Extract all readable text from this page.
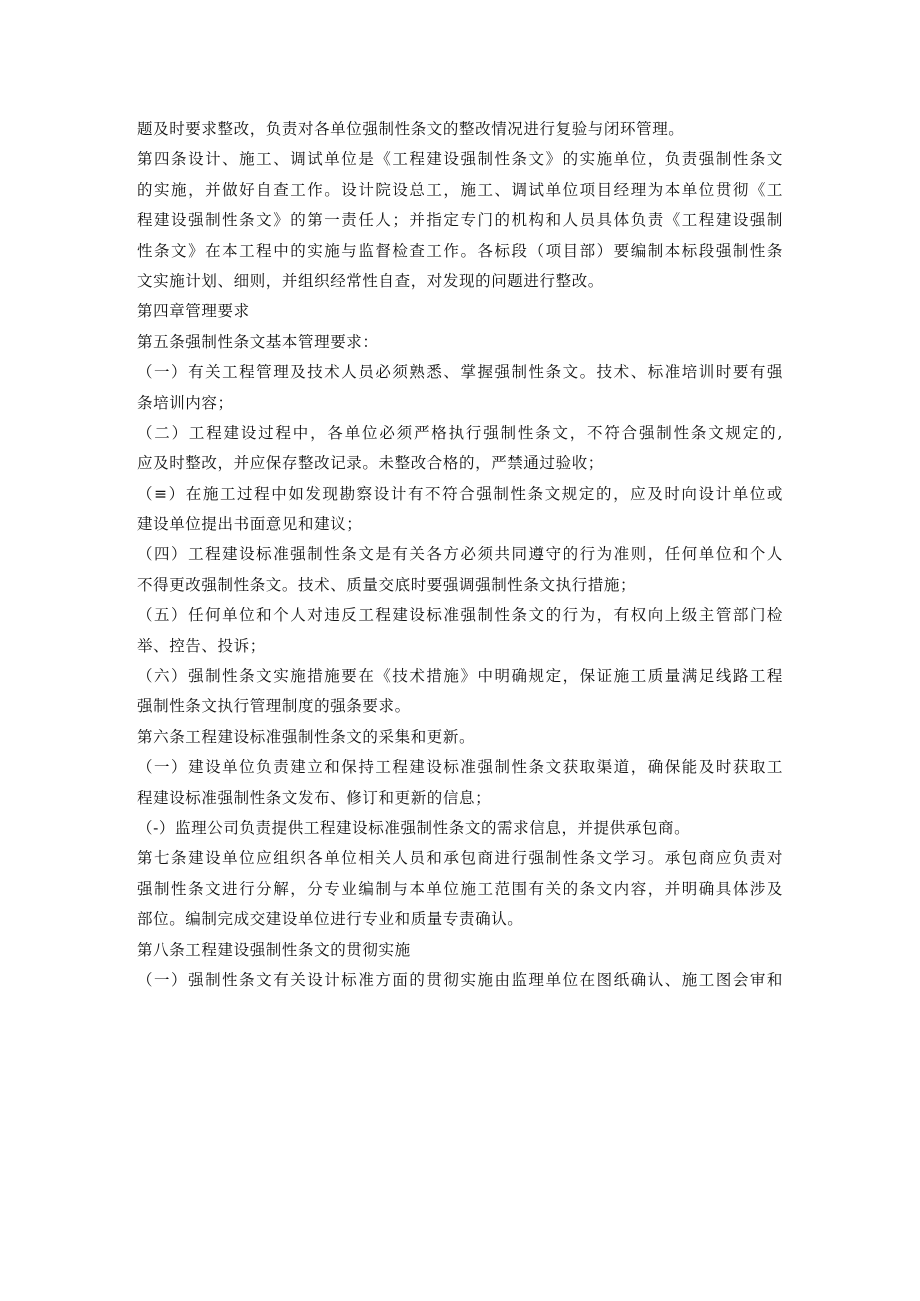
题及时要求整改，负责对各单位强制性条文的整改情况进行复验与闭环管理。
第四条设计、施工、调试单位是《工程建设强制性条文》的实施单位，负责强制性条文
的实施，并做好自查工作。设计院设总工，施工、调试单位项目经理为本单位贯彻《工
程建设强制性条文》的第一责任人；并指定专门的机构和人员具体负责《工程建设强制
性条文》在本工程中的实施与监督检查工作。各标段（项目部）要编制本标段强制性条
文实施计划、细则，并组织经常性自查，对发现的问题进行整改。
第四章管理要求
第五条强制性条文基本管理要求：
（一）有关工程管理及技术人员必须熟悉、掌握强制性条文。技术、标准培训时要有强
条培训内容；
（二）工程建设过程中，各单位必须严格执行强制性条文，不符合强制性条文规定的,
应及时整改，并应保存整改记录。未整改合格的，严禁通过验收；
（≡）在施工过程中如发现勘察设计有不符合强制性条文规定的，应及时向设计单位或
建设单位提出书面意见和建议；
（四）工程建设标准强制性条文是有关各方必须共同遵守的行为准则，任何单位和个人
不得更改强制性条文。技术、质量交底时要强调强制性条文执行措施；
（五）任何单位和个人对违反工程建设标准强制性条文的行为，有权向上级主管部门检
举、控告、投诉；
（六）强制性条文实施措施要在《技术措施》中明确规定，保证施工质量满足线路工程
强制性条文执行管理制度的强条要求。
第六条工程建设标准强制性条文的采集和更新。
（一）建设单位负责建立和保持工程建设标准强制性条文获取渠道，确保能及时获取工
程建设标准强制性条文发布、修订和更新的信息；
（-）监理公司负责提供工程建设标准强制性条文的需求信息，并提供承包商。
第七条建设单位应组织各单位相关人员和承包商进行强制性条文学习。承包商应负责对
强制性条文进行分解，分专业编制与本单位施工范围有关的条文内容，并明确具体涉及
部位。编制完成交建设单位进行专业和质量专责确认。
第八条工程建设强制性条文的贯彻实施
（一）强制性条文有关设计标准方面的贯彻实施由监理单位在图纸确认、施工图会审和
